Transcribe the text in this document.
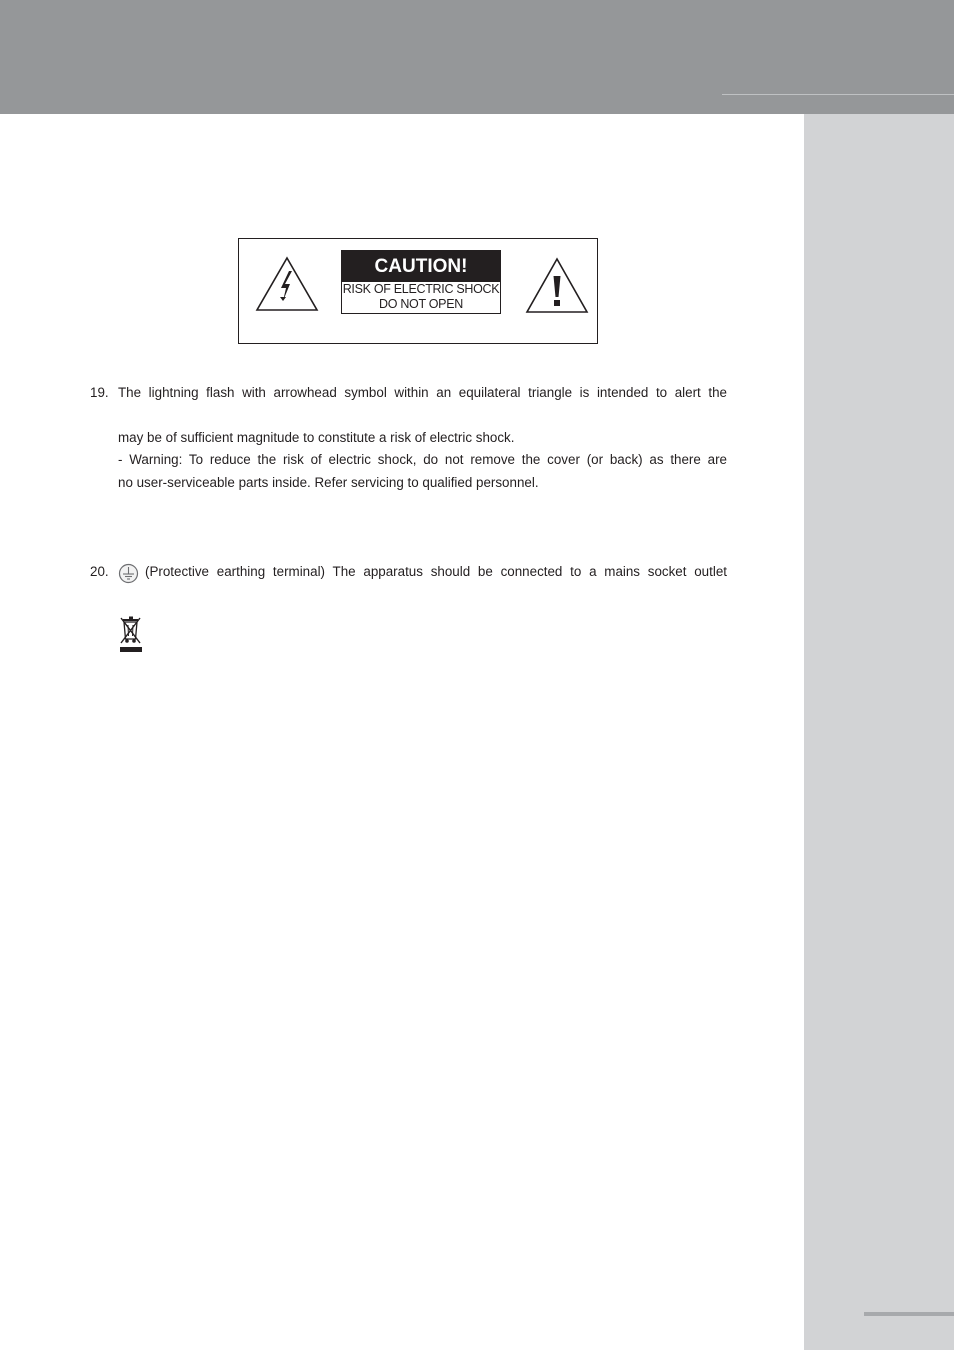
CAUTION!
RISK OF ELECTRIC SHOCK
DO NOT OPEN
19. The lightning flash with arrowhead symbol within an equilateral triangle is intended to alert the
may be of sufficient magnitude to constitute a risk of electric shock.
- Warning: To reduce the risk of electric shock, do not remove the cover (or back) as there are
no user-serviceable parts inside. Refer servicing to qualified personnel.
20.	(Protective earthing terminal) The apparatus should be connected to a mains socket outlet
